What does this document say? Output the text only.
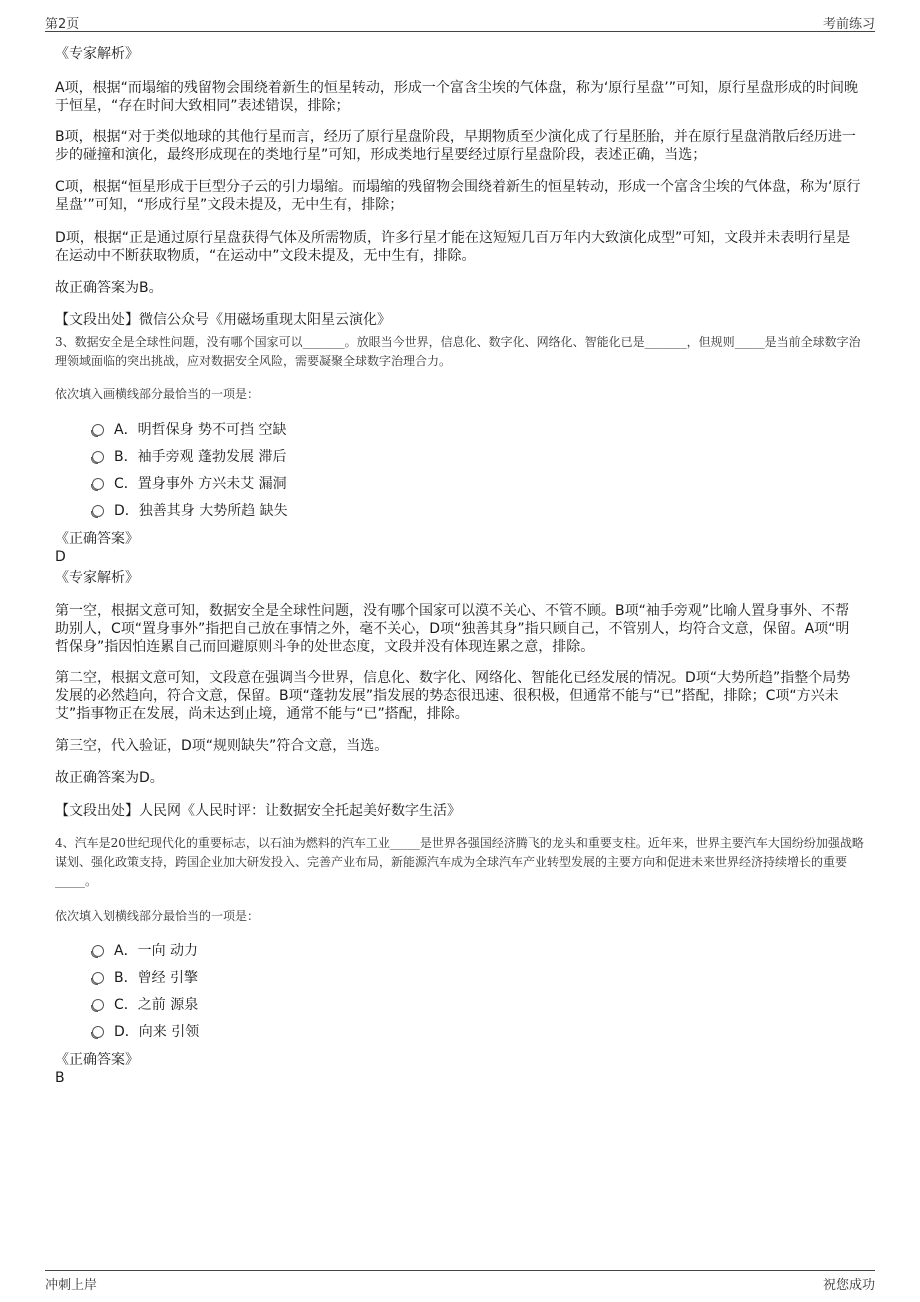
第2页	考前练习
《专家解析》
A项，根据“而塌缩的残留物会围绕着新生的恒星转动，形成一个富含尘埃的气体盘，称为‘原行星盘’”可知，原行星盘形成的时间晚于恒星，“存在时间大致相同”表述错误，排除；
B项，根据“对于类似地球的其他行星而言，经历了原行星盘阶段，早期物质至少演化成了行星胚胎，并在原行星盘消散后经历进一步的碰撞和演化，最终形成现在的类地行星”可知，形成类地行星要经过原行星盘阶段，表述正确，当选；
C项，根据“恒星形成于巨型分子云的引力塌缩。而塌缩的残留物会围绕着新生的恒星转动，形成一个富含尘埃的气体盘，称为‘原行星盘’”可知，“形成行星”文段未提及，无中生有，排除；
D项，根据“正是通过原行星盘获得气体及所需物质，许多行星才能在这短短几百万年内大致演化成型”可知，文段并未表明行星是在运动中不断获取物质，“在运动中”文段未提及，无中生有，排除。
故正确答案为B。
【文段出处】微信公众号《用磁场重现太阳星云演化》
3、数据安全是全球性问题，没有哪个国家可以_______。放眼当今世界，信息化、数字化、网络化、智能化已是_______，但规则_____是当前全球数字治理领域面临的突出挑战，应对数据安全风险，需要凝聚全球数字治理合力。
依次填入画横线部分最恰当的一项是：
A．明哲保身 势不可挡 空缺
B．袖手旁观 蓬勃发展 滞后
C．置身事外 方兴未艾 漏洞
D．独善其身 大势所趋 缺失
《正确答案》
D
《专家解析》
第一空，根据文意可知，数据安全是全球性问题，没有哪个国家可以漠不关心、不管不顾。B项“袖手旁观”比喻人置身事外、不帮助别人，C项“置身事外”指把自己放在事情之外，毫不关心，D项“独善其身”指只顾自己，不管别人，均符合文意，保留。A项“明哲保身”指因怕连累自己而回避原则斗争的处世态度，文段并没有体现连累之意，排除。
第二空，根据文意可知，文段意在强调当今世界，信息化、数字化、网络化、智能化已经发展的情况。D项“大势所趋”指整个局势发展的必然趋向，符合文意，保留。B项“蓬勃发展”指发展的势态很迅速、很积极，但通常不能与“已”搭配，排除；C项“方兴未艾”指事物正在发展，尚未达到止境，通常不能与“已”搭配，排除。
第三空，代入验证，D项“规则缺失”符合文意，当选。
故正确答案为D。
【文段出处】人民网《人民时评：让数据安全托起美好数字生活》
4、汽车是20世纪现代化的重要标志，以石油为燃料的汽车工业_____是世界各强国经济腾飞的龙头和重要支柱。近年来，世界主要汽车大国纷纷加强战略谋划、强化政策支持，跨国企业加大研发投入、完善产业布局，新能源汽车成为全球汽车产业转型发展的主要方向和促进未来世界经济持续增长的重要_____。
依次填入划横线部分最恰当的一项是：
A．一向 动力
B．曾经 引擎
C．之前 源泉
D．向来 引领
《正确答案》
B
冲刺上岸	祝您成功
